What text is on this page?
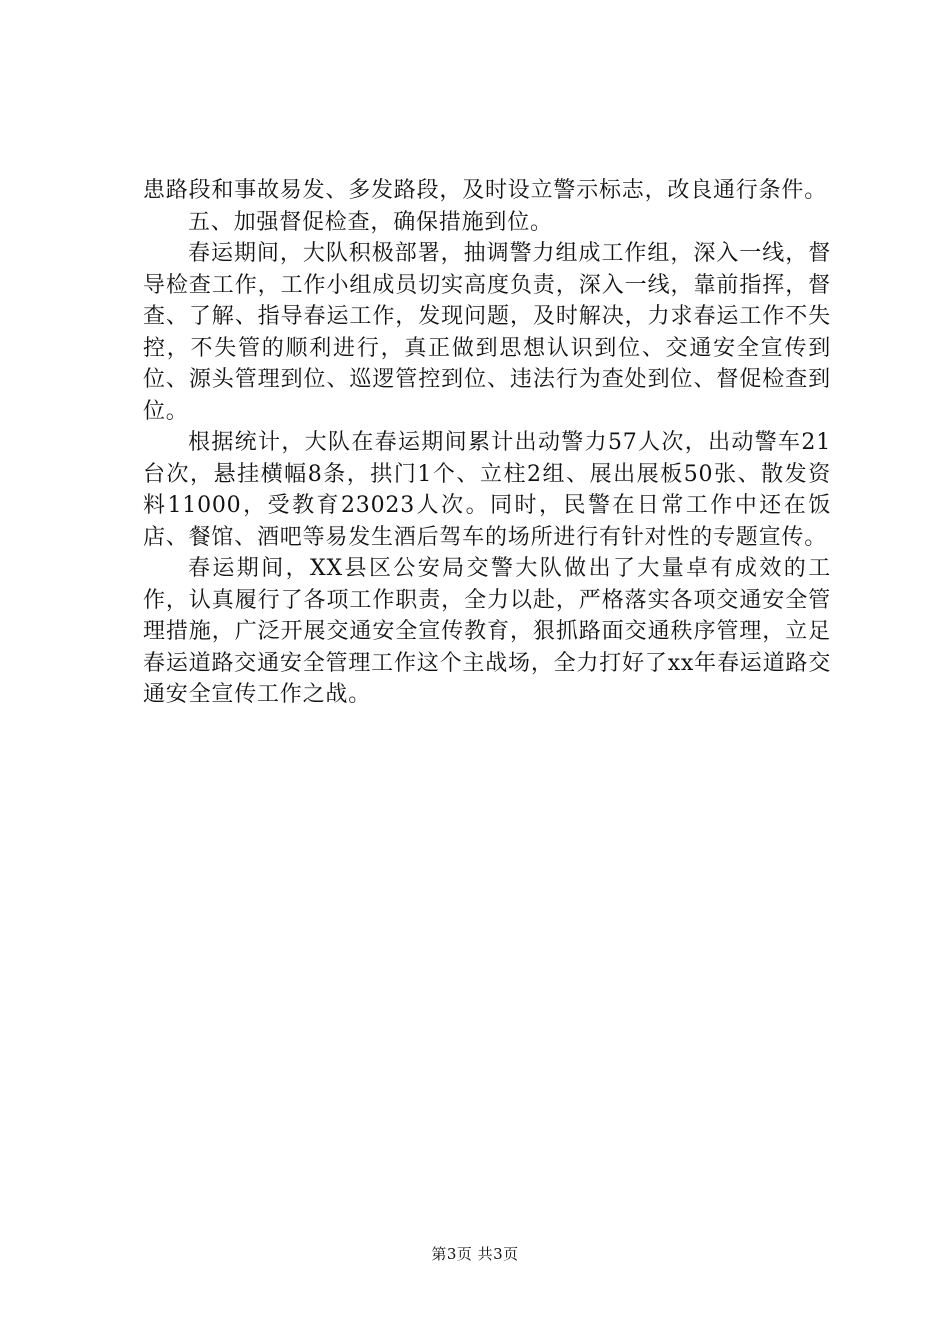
患路段和事故易发、多发路段，及时设立警示标志，改良通行条件。

五、加强督促检查，确保措施到位。

春运期间，大队积极部署，抽调警力组成工作组，深入一线，督导检查工作，工作小组成员切实高度负责，深入一线，靠前指挥，督查、了解、指导春运工作，发现问题，及时解决，力求春运工作不失控，不失管的顺利进行，真正做到思想认识到位、交通安全宣传到位、源头管理到位、巡逻管控到位、违法行为查处到位、督促检查到位。

根据统计，大队在春运期间累计出动警力57人次，出动警车21台次，悬挂横幅8条，拱门1个、立柱2组、展出展板50张、散发资料11000，受教育23023人次。同时，民警在日常工作中还在饭店、餐馆、酒吧等易发生酒后驾车的场所进行有针对性的专题宣传。

春运期间，XX县区公安局交警大队做出了大量卓有成效的工作，认真履行了各项工作职责，全力以赴，严格落实各项交通安全管理措施，广泛开展交通安全宣传教育，狠抓路面交通秩序管理，立足春运道路交通安全管理工作这个主战场，全力打好了xx年春运道路交通安全宣传工作之战。

第3页 共3页
